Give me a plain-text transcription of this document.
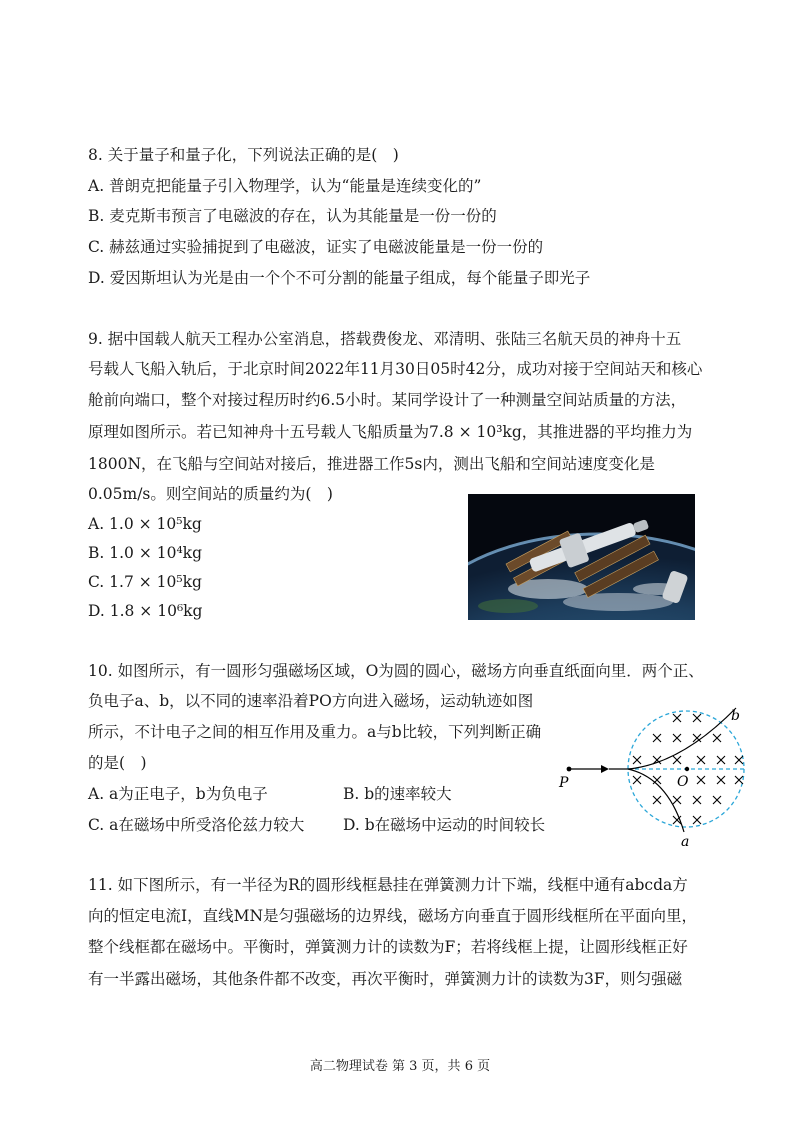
8. 关于量子和量子化，下列说法正确的是(　)
A. 普朗克把能量子引入物理学，认为“能量是连续变化的”
B. 麦克斯韦预言了电磁波的存在，认为其能量是一份一份的
C. 赫兹通过实验捕捉到了电磁波，证实了电磁波能量是一份一份的
D. 爱因斯坦认为光是由一个个不可分割的能量子组成，每个能量子即光子
9. 据中国载人航天工程办公室消息，搭载费俊龙、邓清明、张陆三名航天员的神舟十五
号载人飞船入轨后，于北京时间2022年11月30日05时42分，成功对接于空间站天和核心
舱前向端口，整个对接过程历时约6.5小时。某同学设计了一种测量空间站质量的方法，
原理如图所示。若已知神舟十五号载人飞船质量为7.8 × 10³kg，其推进器的平均推力为
1800N，在飞船与空间站对接后，推进器工作5s内，测出飞船和空间站速度变化是
0.05m/s。则空间站的质量约为(　)
A. 1.0 × 10⁵kg
B. 1.0 × 10⁴kg
C. 1.7 × 10⁵kg
D. 1.8 × 10⁶kg
10. 如图所示，有一圆形匀强磁场区域，O为圆的圆心，磁场方向垂直纸面向里．两个正、
负电子a、b，以不同的速率沿着PO方向进入磁场，运动轨迹如图
所示，不计电子之间的相互作用及重力。a与b比较，下列判断正确
的是(　)
A. a为正电子，b为负电子	B. b的速率较大
C. a在磁场中所受洛伦兹力较大 D. b在磁场中运动的时间较长
P	O
a
b
11. 如下图所示，有一半径为R的圆形线框悬挂在弹簧测力计下端，线框中通有abcda方
向的恒定电流I，直线MN是匀强磁场的边界线，磁场方向垂直于圆形线框所在平面向里，
整个线框都在磁场中。平衡时，弹簧测力计的读数为F；若将线框上提，让圆形线框正好
有一半露出磁场，其他条件都不改变，再次平衡时，弹簧测力计的读数为3F，则匀强磁
高二物理试卷 第 3 页，共 6 页
